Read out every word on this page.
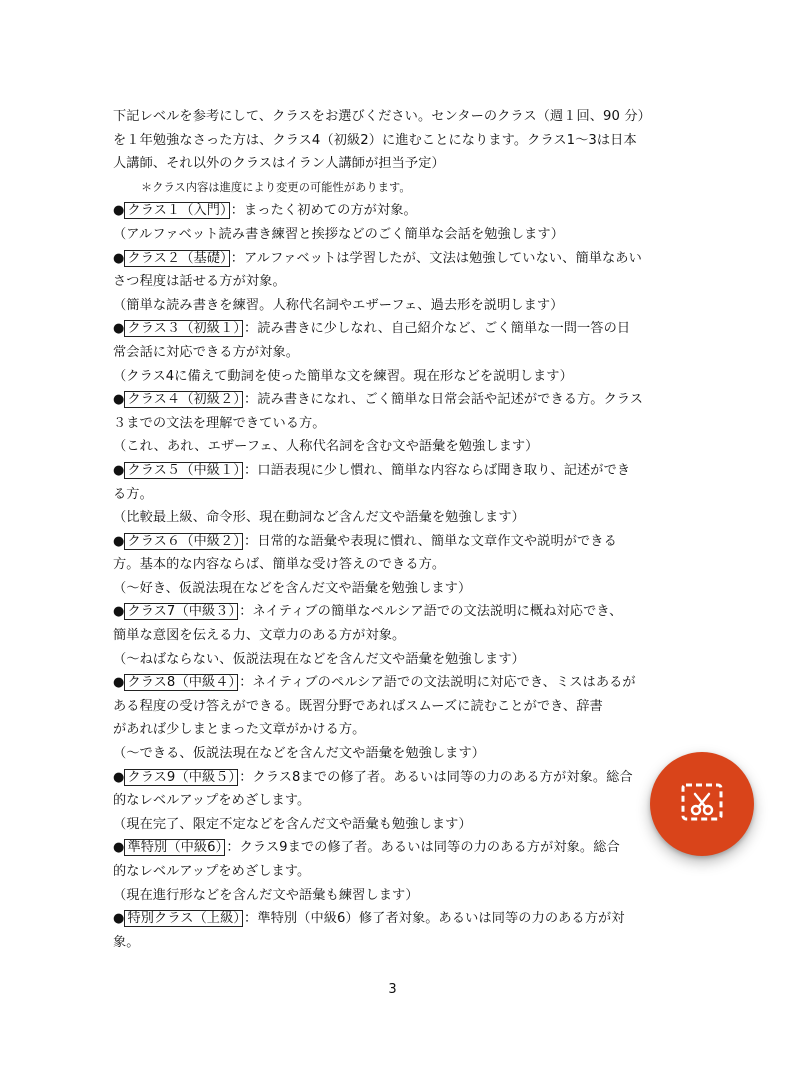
下記レベルを参考にして、クラスをお選びください。センターのクラス（週１回、90 分）
を１年勉強なさった方は、クラス4（初級2）に進むことになります。クラス1〜3は日本
人講師、それ以外のクラスはイラン人講師が担当予定）
＊クラス内容は進度により変更の可能性があります。
● クラス１（入門） ：まったく初めての方が対象。
（アルファベット読み書き練習と挨拶などのごく簡単な会話を勉強します）
● クラス２（基礎） ：アルファベットは学習したが、文法は勉強していない、簡単なあい
さつ程度は話せる方が対象。
（簡単な読み書きを練習。人称代名詞やエザーフェ、過去形を説明します）
● クラス３（初級１） ：読み書きに少しなれ、自己紹介など、ごく簡単な一問一答の日
常会話に対応できる方が対象。
（クラス4に備えて動詞を使った簡単な文を練習。現在形などを説明します）
● クラス４（初級２） ：読み書きになれ、ごく簡単な日常会話や記述ができる方。クラス
３までの文法を理解できている方。
（これ、あれ、エザーフェ、人称代名詞を含む文や語彙を勉強します）
● クラス５（中級１） ：口語表現に少し慣れ、簡単な内容ならば聞き取り、記述ができ
る方。
（比較最上級、命令形、現在動詞など含んだ文や語彙を勉強します）
● クラス６（中級２） ：日常的な語彙や表現に慣れ、簡単な文章作文や説明ができる
方。基本的な内容ならば、簡単な受け答えのできる方。
（〜好き、仮説法現在などを含んだ文や語彙を勉強します）
● クラス7（中級３） ：ネイティブの簡単なペルシア語での文法説明に概ね対応でき、
簡単な意図を伝える力、文章力のある方が対象。
（〜ねばならない、仮説法現在などを含んだ文や語彙を勉強します）
● クラス8（中級４） ：ネイティブのペルシア語での文法説明に対応でき、ミスはあるが
ある程度の受け答えができる。既習分野であればスムーズに読むことができ、辞書
があれば少しまとまった文章がかける方。
（〜できる、仮説法現在などを含んだ文や語彙を勉強します）
● クラス9（中級５） ：クラス8までの修了者。あるいは同等の力のある方が対象。総合
的なレベルアップをめざします。
（現在完了、限定不定などを含んだ文や語彙も勉強します）
● 準特別（中級6） ：クラス9までの修了者。あるいは同等の力のある方が対象。総合
的なレベルアップをめざします。
（現在進行形などを含んだ文や語彙も練習します）
● 特別クラス（上級） ：準特別（中級6）修了者対象。あるいは同等の力のある方が対
象。
3
